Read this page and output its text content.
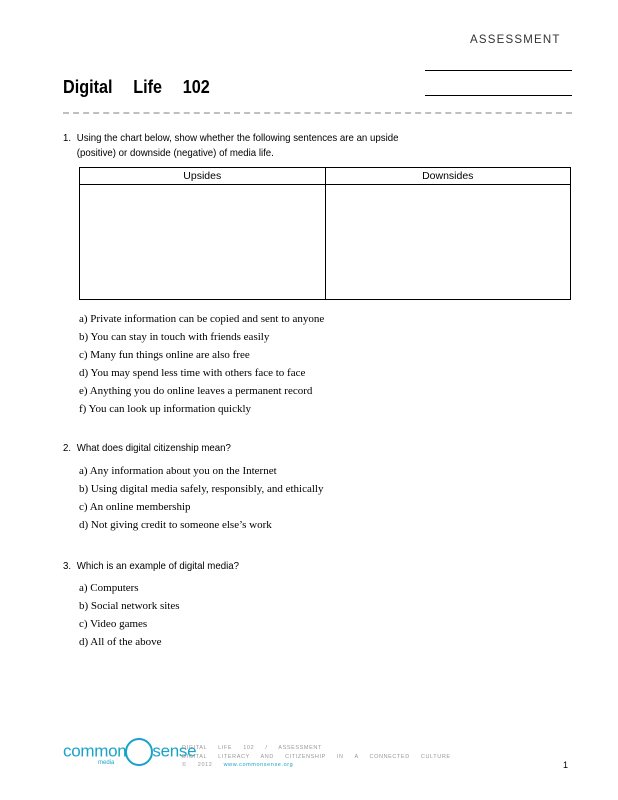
ASSESSMENT
Digital Life 102
1. Using the chart below, show whether the following sentences are an upside
(positive) or downside (negative) of media life.
Upsides	Downsides
a) Private information can be copied and sent to anyone
b) You can stay in touch with friends easily
c) Many fun things online are also free
d) You may spend less time with others face to face
e) Anything you do online leaves a permanent record
f) You can look up information quickly
2. What does digital citizenship mean?
a) Any information about you on the Internet
b) Using digital media safely, responsibly, and ethically
c) An online membership
d) Not giving credit to someone else’s work
3. Which is an example of digital media?
a) Computers
b) Social network sites
c) Video games
d) All of the above
common sense
media
DIGITAL LIFE 102 / ASSESSMENT
DIGITAL LITERACY AND CITIZENSHIP IN A CONNECTED CULTURE
© 2012 www.commonsense.org	1
